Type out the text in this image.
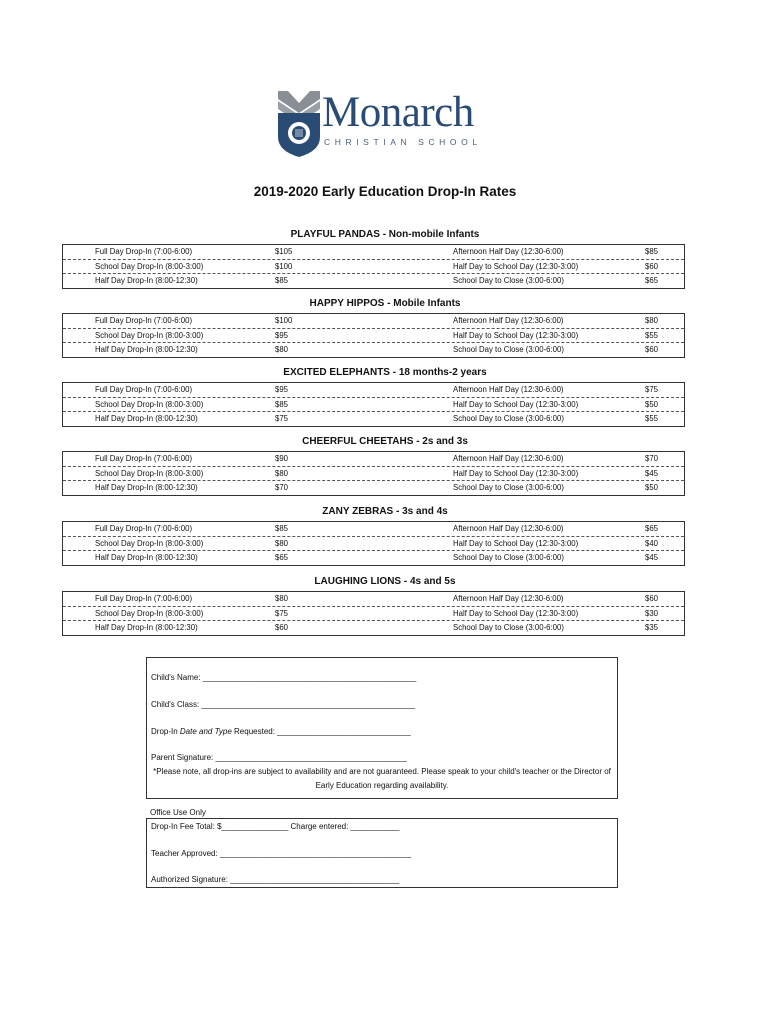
Monarch
CHRISTIAN SCHOOL
2019-2020 Early Education Drop-In Rates
PLAYFUL PANDAS - Non-mobile Infants
Full Day Drop-In (7:00-6:00)	$105	Afternoon Half Day (12:30-6:00)	$85
School Day Drop-In (8:00-3:00)	$100	Half Day to School Day (12:30-3:00)	$60
Half Day Drop-In (8:00-12:30)	$85	School Day to Close (3:00-6:00)	$65
HAPPY HIPPOS - Mobile Infants
Full Day Drop-In (7:00-6:00)	$100	Afternoon Half Day (12:30-6:00)	$80
School Day Drop-In (8:00-3:00)	$95	Half Day to School Day (12:30-3:00)	$55
Half Day Drop-In (8:00-12:30)	$80	School Day to Close (3:00-6:00)	$60
EXCITED ELEPHANTS - 18 months-2 years
Full Day Drop-In (7:00-6:00)	$95	Afternoon Half Day (12:30-6:00)	$75
School Day Drop-In (8:00-3:00)	$85	Half Day to School Day (12:30-3:00)	$50
Half Day Drop-In (8:00-12:30)	$75	School Day to Close (3:00-6:00)	$55
CHEERFUL CHEETAHS - 2s and 3s
Full Day Drop-In (7:00-6:00)	$90	Afternoon Half Day (12:30-6:00)	$70
School Day Drop-In (8:00-3:00)	$80	Half Day to School Day (12:30-3:00)	$45
Half Day Drop-In (8:00-12:30)	$70	School Day to Close (3:00-6:00)	$50
ZANY ZEBRAS - 3s and 4s
Full Day Drop-In (7:00-6:00)	$85	Afternoon Half Day (12:30-6:00)	$65
School Day Drop-In (8:00-3:00)	$80	Half Day to School Day (12:30-3:00)	$40
Half Day Drop-In (8:00-12:30)	$65	School Day to Close (3:00-6:00)	$45
LAUGHING LIONS - 4s and 5s
Full Day Drop-In (7:00-6:00)	$80	Afternoon Half Day (12:30-6:00)	$60
School Day Drop-In (8:00-3:00)	$75	Half Day to School Day (12:30-3:00)	$30
Half Day Drop-In (8:00-12:30)	$60	School Day to Close (3:00-6:00)	$35
Child's Name: ________________________________________________
Child's Class: ________________________________________________
Drop-In Date and Type Requested: ______________________________
Parent Signature: ___________________________________________
*Please note, all drop-ins are subject to availability and are not guaranteed. Please speak to your child's teacher or the Director of Early Education regarding availability.
Office Use Only
Drop-In Fee Total: $_______________ Charge entered: ___________
Teacher Approved: ___________________________________________
Authorized Signature: ______________________________________
